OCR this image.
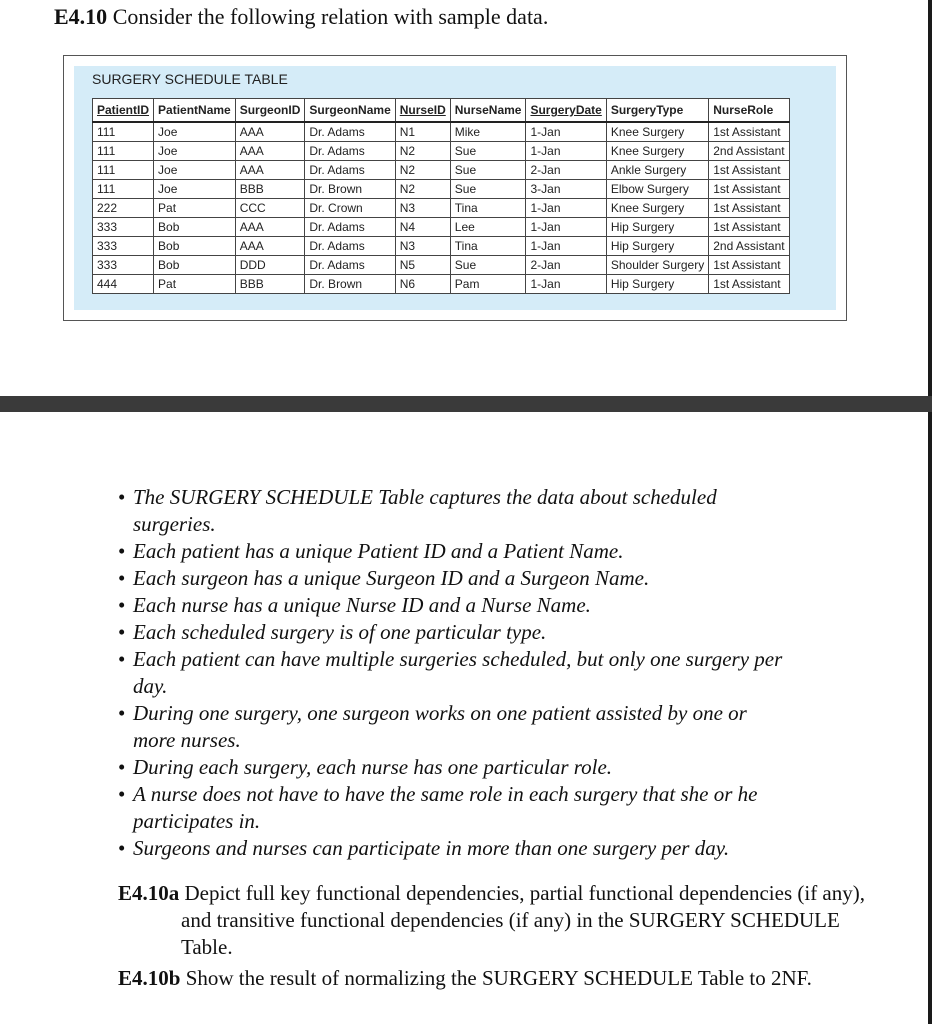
E4.10 Consider the following relation with sample data.
SURGERY SCHEDULE TABLE
PatientID	PatientName	SurgeonID	SurgeonName	NurseID	NurseName	SurgeryDate	SurgeryType	NurseRole
111	Joe	AAA	Dr. Adams	N1	Mike	1-Jan	Knee Surgery	1st Assistant
111	Joe	AAA	Dr. Adams	N2	Sue	1-Jan	Knee Surgery	2nd Assistant
111	Joe	AAA	Dr. Adams	N2	Sue	2-Jan	Ankle Surgery	1st Assistant
111	Joe	BBB	Dr. Brown	N2	Sue	3-Jan	Elbow Surgery	1st Assistant
222	Pat	CCC	Dr. Crown	N3	Tina	1-Jan	Knee Surgery	1st Assistant
333	Bob	AAA	Dr. Adams	N4	Lee	1-Jan	Hip Surgery	1st Assistant
333	Bob	AAA	Dr. Adams	N3	Tina	1-Jan	Hip Surgery	2nd Assistant
333	Bob	DDD	Dr. Adams	N5	Sue	2-Jan	Shoulder Surgery	1st Assistant
444	Pat	BBB	Dr. Brown	N6	Pam	1-Jan	Hip Surgery	1st Assistant

• The SURGERY SCHEDULE Table captures the data about scheduled
surgeries.

• Each patient has a unique Patient ID and a Patient Name.

• Each surgeon has a unique Surgeon ID and a Surgeon Name.

• Each nurse has a unique Nurse ID and a Nurse Name.

• Each scheduled surgery is of one particular type.

• Each patient can have multiple surgeries scheduled, but only one surgery per
day.

• During one surgery, one surgeon works on one patient assisted by one or
more nurses.

• During each surgery, each nurse has one particular role.

• A nurse does not have to have the same role in each surgery that she or he
participates in.

• Surgeons and nurses can participate in more than one surgery per day.

E4.10a Depict full key functional dependencies, partial functional dependencies (if any), and transitive functional dependencies (if any) in the SURGERY SCHEDULE Table.

E4.10b Show the result of normalizing the SURGERY SCHEDULE Table to 2NF.
